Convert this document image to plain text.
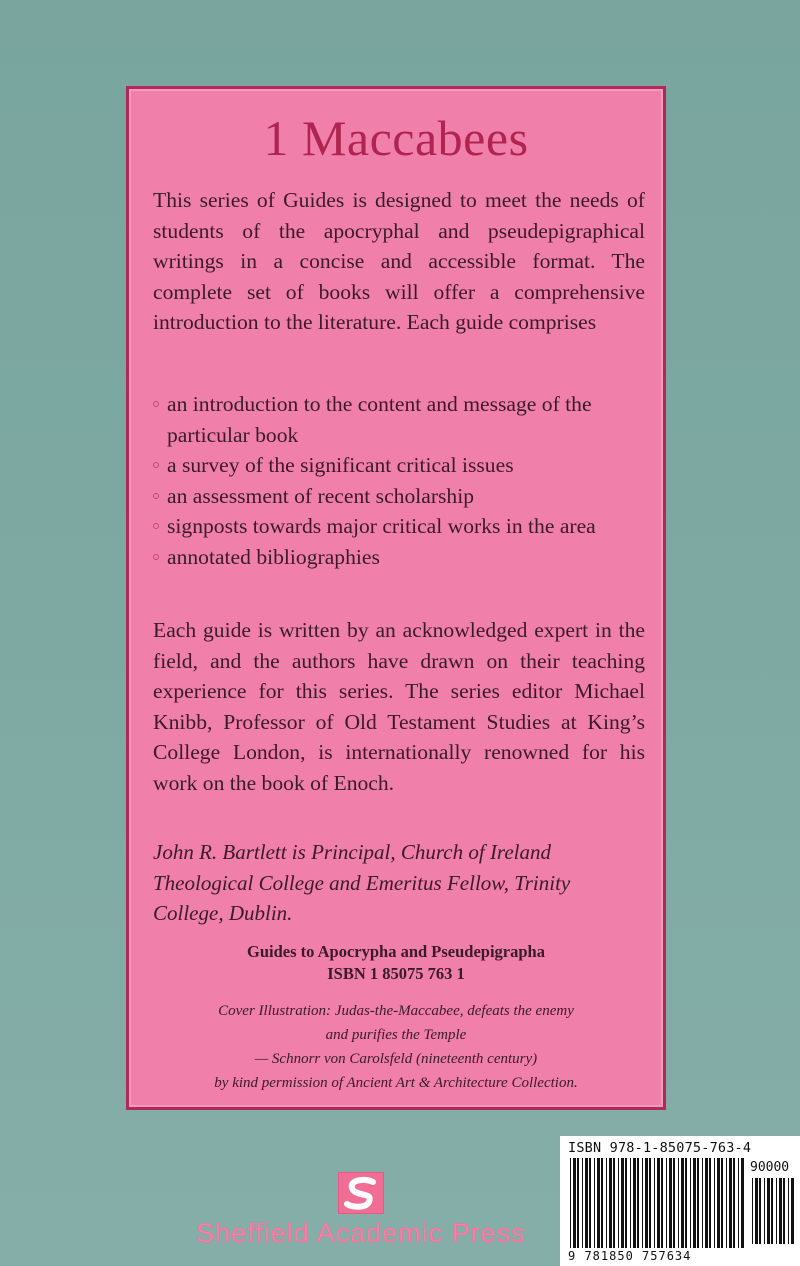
1 Maccabees
This series of Guides is designed to meet the needs of students of the apocryphal and pseudepigraphical writings in a concise and accessible format. The complete set of books will offer a comprehensive introduction to the literature. Each guide comprises
an introduction to the content and message of the particular book
a survey of the significant critical issues
an assessment of recent scholarship
signposts towards major critical works in the area
annotated bibliographies
Each guide is written by an acknowledged expert in the field, and the authors have drawn on their teaching experience for this series. The series editor Michael Knibb, Professor of Old Testament Studies at King’s College London, is internationally renowned for his work on the book of Enoch.
John R. Bartlett is Principal, Church of Ireland Theological College and Emeritus Fellow, Trinity College, Dublin.
Guides to Apocrypha and Pseudepigrapha
ISBN 1 85075 763 1
Cover Illustration: Judas-the-Maccabee, defeats the enemy
and purifies the Temple
— Schnorr von Carolsfeld (nineteenth century)
by kind permission of Ancient Art & Architecture Collection.
Sheffield Academic Press
ISBN 978-1-85075-763-4
90000
9 781850 757634
